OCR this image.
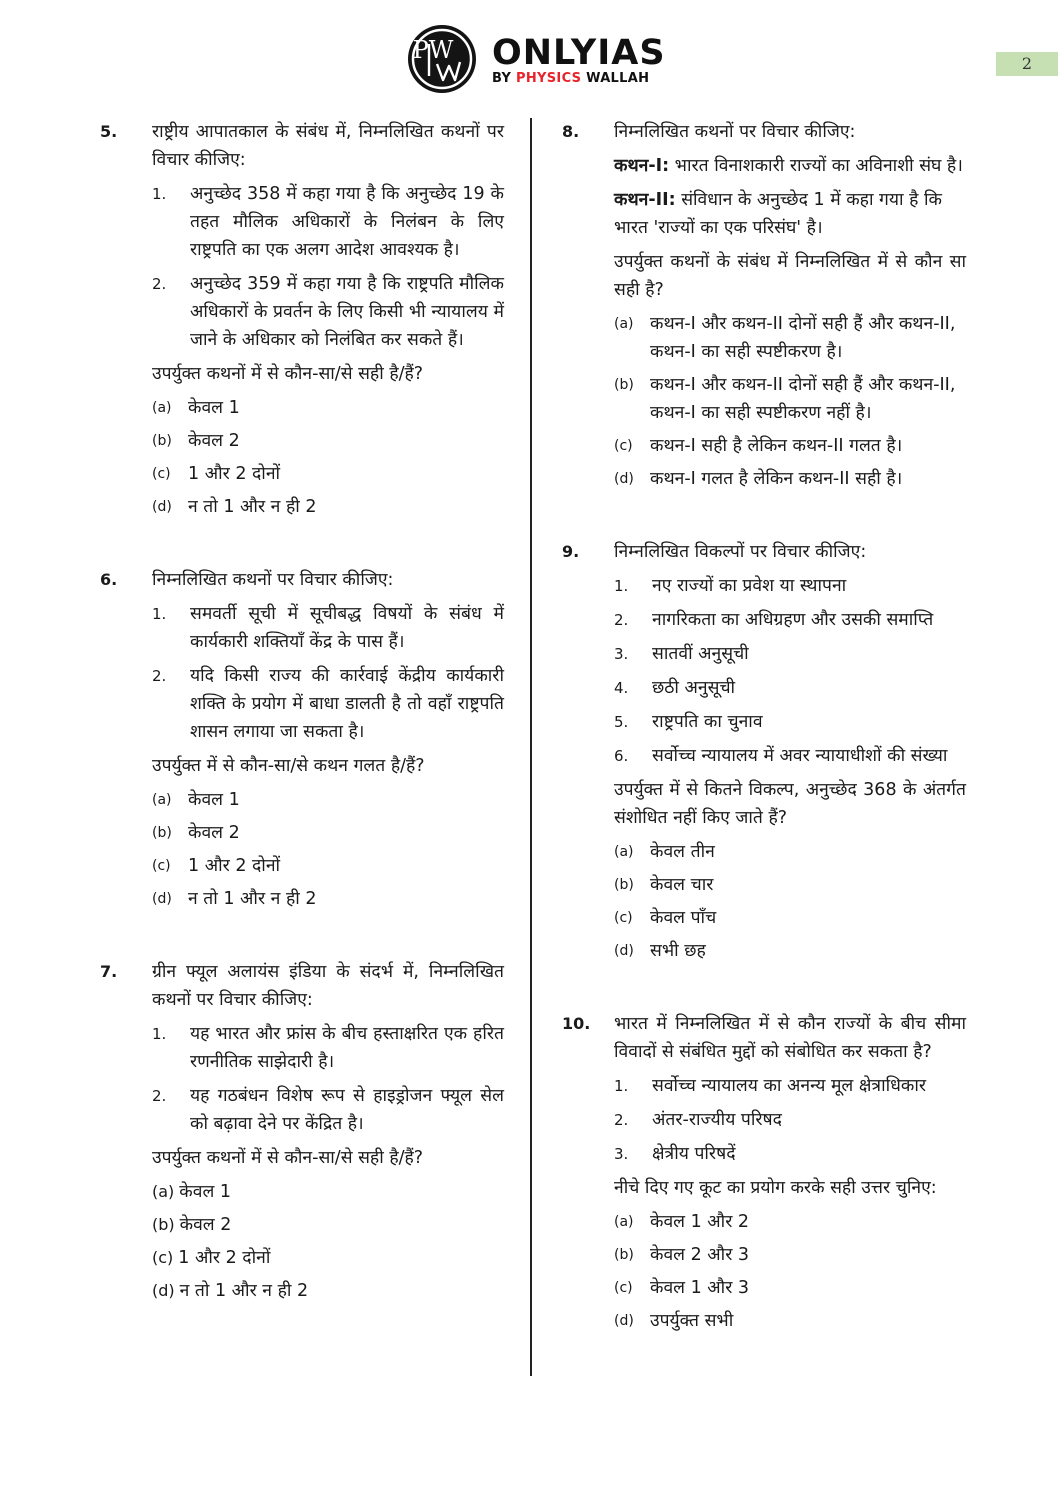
PW ONLYIAS
BY PHYSICS WALLAH
2
5.	राष्ट्रीय आपातकाल के संबंध में, निम्नलिखित कथनों पर विचार कीजिए:
1.	अनुच्छेद 358 में कहा गया है कि अनुच्छेद 19 के तहत मौलिक अधिकारों के निलंबन के लिए राष्ट्रपति का एक अलग आदेश आवश्यक है।
2.	अनुच्छेद 359 में कहा गया है कि राष्ट्रपति मौलिक अधिकारों के प्रवर्तन के लिए किसी भी न्यायालय में जाने के अधिकार को निलंबित कर सकते हैं।
उपर्युक्त कथनों में से कौन-सा/से सही है/हैं?
(a) केवल 1
(b) केवल 2
(c) 1 और 2 दोनों
(d) न तो 1 और न ही 2
6.	निम्नलिखित कथनों पर विचार कीजिए:
1.	समवर्ती सूची में सूचीबद्ध विषयों के संबंध में कार्यकारी शक्तियाँ केंद्र के पास हैं।
2.	यदि किसी राज्य की कार्रवाई केंद्रीय कार्यकारी शक्ति के प्रयोग में बाधा डालती है तो वहाँ राष्ट्रपति शासन लगाया जा सकता है।
उपर्युक्त में से कौन-सा/से कथन गलत है/हैं?
(a) केवल 1
(b) केवल 2
(c) 1 और 2 दोनों
(d) न तो 1 और न ही 2
7.	ग्रीन फ्यूल अलायंस इंडिया के संदर्भ में, निम्नलिखित कथनों पर विचार कीजिए:
1.	यह भारत और फ्रांस के बीच हस्ताक्षरित एक हरित रणनीतिक साझेदारी है।
2.	यह गठबंधन विशेष रूप से हाइड्रोजन फ्यूल सेल को बढ़ावा देने पर केंद्रित है।
उपर्युक्त कथनों में से कौन-सा/से सही है/हैं?
(a) केवल 1
(b) केवल 2
(c) 1 और 2 दोनों
(d) न तो 1 और न ही 2
8.	निम्नलिखित कथनों पर विचार कीजिए:
कथन-I: भारत विनाशकारी राज्यों का अविनाशी संघ है।
कथन-II: संविधान के अनुच्छेद 1 में कहा गया है कि भारत 'राज्यों का एक परिसंघ' है।
उपर्युक्त कथनों के संबंध में निम्नलिखित में से कौन सा सही है?
(a) कथन-I और कथन-II दोनों सही हैं और कथन-II, कथन-I का सही स्पष्टीकरण है।
(b) कथन-I और कथन-II दोनों सही हैं और कथन-II, कथन-I का सही स्पष्टीकरण नहीं है।
(c) कथन-I सही है लेकिन कथन-II गलत है।
(d) कथन-I गलत है लेकिन कथन-II सही है।
9.	निम्नलिखित विकल्पों पर विचार कीजिए:
1.	नए राज्यों का प्रवेश या स्थापना
2.	नागरिकता का अधिग्रहण और उसकी समाप्ति
3.	सातवीं अनुसूची
4.	छठी अनुसूची
5.	राष्ट्रपति का चुनाव
6.	सर्वोच्च न्यायालय में अवर न्यायाधीशों की संख्या
उपर्युक्त में से कितने विकल्प, अनुच्छेद 368 के अंतर्गत संशोधित नहीं किए जाते हैं?
(a) केवल तीन
(b) केवल चार
(c) केवल पाँच
(d) सभी छह
10.	भारत में निम्नलिखित में से कौन राज्यों के बीच सीमा विवादों से संबंधित मुद्दों को संबोधित कर सकता है?
1.	सर्वोच्च न्यायालय का अनन्य मूल क्षेत्राधिकार
2.	अंतर-राज्यीय परिषद
3.	क्षेत्रीय परिषदें
नीचे दिए गए कूट का प्रयोग करके सही उत्तर चुनिए:
(a) केवल 1 और 2
(b) केवल 2 और 3
(c) केवल 1 और 3
(d) उपर्युक्त सभी
